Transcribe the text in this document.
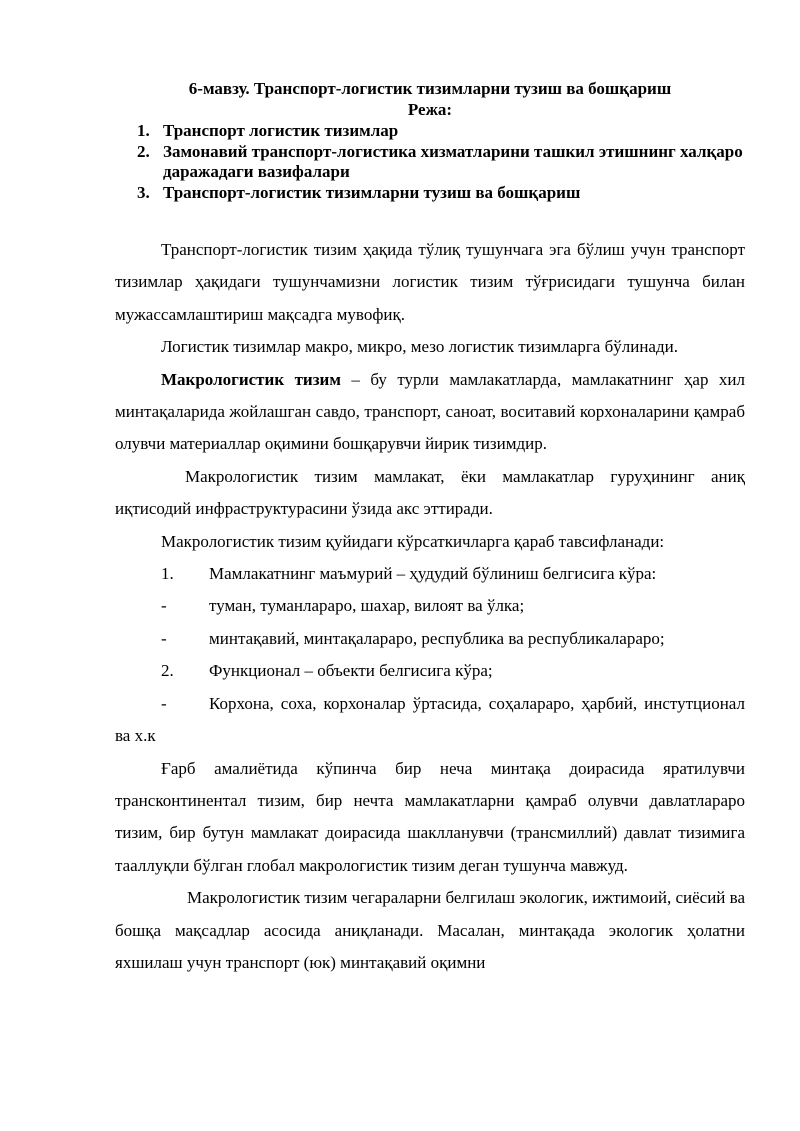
6-мавзу. Транспорт-логистик тизимларни тузиш ва бошқариш
Режа:
1. Транспорт логистик тизимлар
2. Замонавий транспорт-логистика хизматларини ташкил этишнинг халқаро даражадаги вазифалари
3. Транспорт-логистик тизимларни тузиш ва бошқариш

Транспорт-логистик тизим ҳақида тўлиқ тушунчага эга бўлиш учун транспорт тизимлар ҳақидаги тушунчамизни логистик тизим тўғрисидаги тушунча билан мужассамлаштириш мақсадга мувофиқ.

Логистик тизимлар макро, микро, мезо логистик тизимларга бўлинади.

Макрологистик тизим – бу турли мамлакатларда, мамлакатнинг ҳар хил минтақаларида жойлашган савдо, транспорт, саноат, воситавий корхоналарини қамраб олувчи материаллар оқимини бошқарувчи йирик тизимдир.

Макрологистик тизим мамлакат, ёки мамлакатлар гуруҳининг аниқ иқтисодий инфраструктурасини ўзида акс эттиради.

Макрологистик тизим қуйидаги кўрсаткичларга қараб тавсифланади:

1. Мамлакатнинг маъмурий – ҳудудий бўлиниш белгисига кўра:

- туман, туманлараро, шахар, вилоят ва ўлка;

- минтақавий, минтақалараро, республика ва республикалараро;

2. Функционал – объекти белгисига кўра;

- Корхона, соха, корхоналар ўртасида, соҳалараро, ҳарбий, инстутционал ва х.к

Ғарб амалиётида кўпинча бир неча минтақа доирасида яратилувчи трансконтинентал тизим, бир нечта мамлакатларни қамраб олувчи давлатлараро тизим, бир бутун мамлакат доирасида шаклланувчи (трансмиллий) давлат тизимига тааллуқли бўлган глобал макрологистик тизим деган тушунча мавжуд.

Макрологистик тизим чегараларни белгилаш экологик, ижтимоий, сиёсий ва бошқа мақсадлар асосида аниқланади. Масалан, минтақада экологик ҳолатни яхшилаш учун транспорт (юк) минтақавий оқимни
